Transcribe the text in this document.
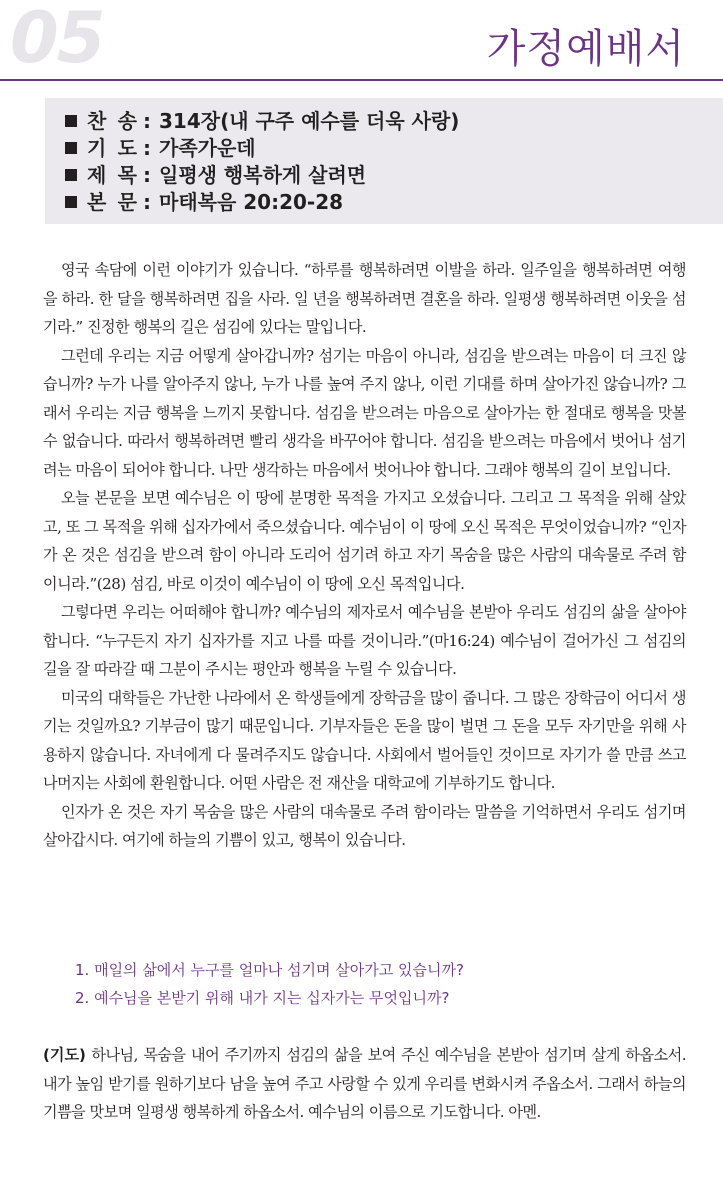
05	가정예배서
찬 송 : 314장(내 구주 예수를 더욱 사랑)
기 도 : 가족가운데
제 목 : 일평생 행복하게 살려면
본 문 : 마태복음 20:20-28

영국 속담에 이런 이야기가 있습니다. “하루를 행복하려면 이발을 하라. 일주일을 행복하려면 여행을 하라. 한 달을 행복하려면 집을 사라. 일 년을 행복하려면 결혼을 하라. 일평생 행복하려면 이웃을 섬기라.” 진정한 행복의 길은 섬김에 있다는 말입니다.

그런데 우리는 지금 어떻게 살아갑니까? 섬기는 마음이 아니라, 섬김을 받으려는 마음이 더 크진 않습니까? 누가 나를 알아주지 않나, 누가 나를 높여 주지 않나, 이런 기대를 하며 살아가진 않습니까? 그래서 우리는 지금 행복을 느끼지 못합니다. 섬김을 받으려는 마음으로 살아가는 한 절대로 행복을 맛볼 수 없습니다. 따라서 행복하려면 빨리 생각을 바꾸어야 합니다. 섬김을 받으려는 마음에서 벗어나 섬기려는 마음이 되어야 합니다. 나만 생각하는 마음에서 벗어나야 합니다. 그래야 행복의 길이 보입니다.

오늘 본문을 보면 예수님은 이 땅에 분명한 목적을 가지고 오셨습니다. 그리고 그 목적을 위해 살았고, 또 그 목적을 위해 십자가에서 죽으셨습니다. 예수님이 이 땅에 오신 목적은 무엇이었습니까? “인자가 온 것은 섬김을 받으려 함이 아니라 도리어 섬기려 하고 자기 목숨을 많은 사람의 대속물로 주려 함이니라.”(28) 섬김, 바로 이것이 예수님이 이 땅에 오신 목적입니다.

그렇다면 우리는 어떠해야 합니까? 예수님의 제자로서 예수님을 본받아 우리도 섬김의 삶을 살아야 합니다. “누구든지 자기 십자가를 지고 나를 따를 것이니라.”(마16:24) 예수님이 걸어가신 그 섬김의 길을 잘 따라갈 때 그분이 주시는 평안과 행복을 누릴 수 있습니다.

미국의 대학들은 가난한 나라에서 온 학생들에게 장학금을 많이 줍니다. 그 많은 장학금이 어디서 생기는 것일까요? 기부금이 많기 때문입니다. 기부자들은 돈을 많이 벌면 그 돈을 모두 자기만을 위해 사용하지 않습니다. 자녀에게 다 물려주지도 않습니다. 사회에서 벌어들인 것이므로 자기가 쓸 만큼 쓰고 나머지는 사회에 환원합니다. 어떤 사람은 전 재산을 대학교에 기부하기도 합니다.

인자가 온 것은 자기 목숨을 많은 사람의 대속물로 주려 함이라는 말씀을 기억하면서 우리도 섬기며 살아갑시다. 여기에 하늘의 기쁨이 있고, 행복이 있습니다.

1. 매일의 삶에서 누구를 얼마나 섬기며 살아가고 있습니까?
2. 예수님을 본받기 위해 내가 지는 십자가는 무엇입니까?
(기도) 하나님, 목숨을 내어 주기까지 섬김의 삶을 보여 주신 예수님을 본받아 섬기며 살게 하옵소서. 내가 높임 받기를 원하기보다 남을 높여 주고 사랑할 수 있게 우리를 변화시켜 주옵소서. 그래서 하늘의 기쁨을 맛보며 일평생 행복하게 하옵소서. 예수님의 이름으로 기도합니다. 아멘.
